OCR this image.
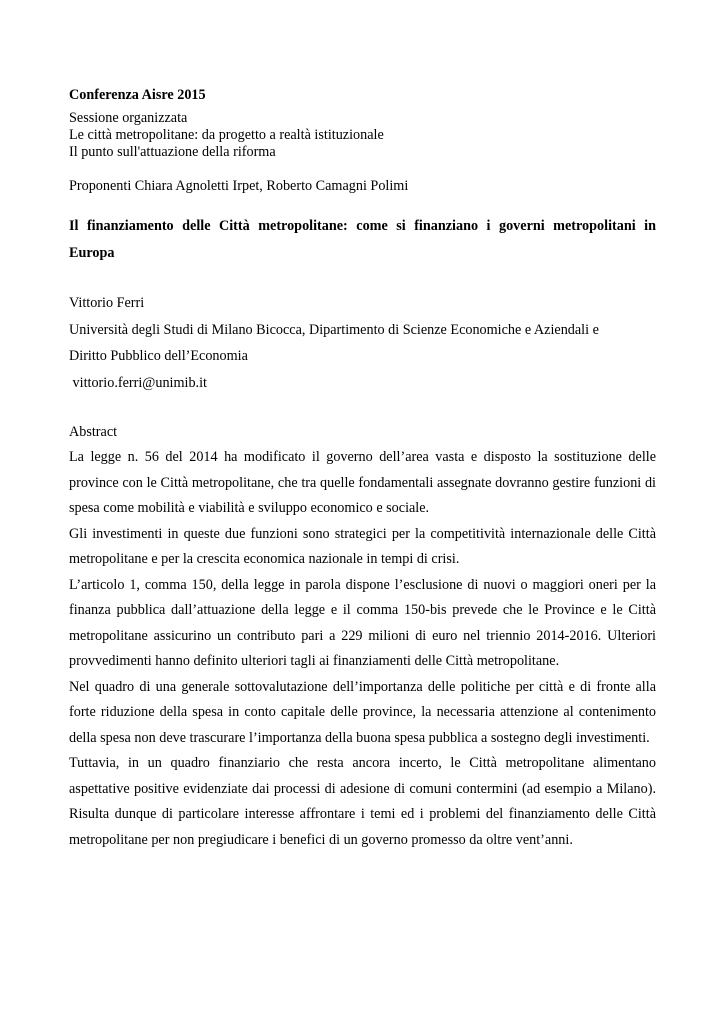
Conferenza Aisre 2015
Sessione organizzata
Le città metropolitane: da progetto a realtà istituzionale
Il punto sull'attuazione della riforma
Proponenti Chiara Agnoletti Irpet, Roberto Camagni Polimi
Il finanziamento delle Città metropolitane: come si finanziano i governi metropolitani in Europa
Vittorio Ferri
Università degli Studi di Milano Bicocca, Dipartimento di Scienze Economiche e Aziendali e
Diritto Pubblico dell’Economia
vittorio.ferri@unimib.it
Abstract

La legge n. 56 del 2014 ha modificato il governo dell’area vasta e disposto la sostituzione delle province con le Città metropolitane, che tra quelle fondamentali assegnate dovranno gestire funzioni di spesa come mobilità e viabilità e sviluppo economico e sociale.

Gli investimenti in queste due funzioni sono strategici per la competitività internazionale delle Città metropolitane e per la crescita economica nazionale in tempi di crisi.

L’articolo 1, comma 150, della legge in parola dispone l’esclusione di nuovi o maggiori oneri per la finanza pubblica dall’attuazione della legge e il comma 150-bis prevede che le Province e le Città metropolitane assicurino un contributo pari a 229 milioni di euro nel triennio 2014-2016. Ulteriori provvedimenti hanno definito ulteriori tagli ai finanziamenti delle Città metropolitane.

Nel quadro di una generale sottovalutazione dell’importanza delle politiche per città e di fronte alla forte riduzione della spesa in conto capitale delle province, la necessaria attenzione al contenimento della spesa non deve trascurare l’importanza della buona spesa pubblica a sostegno degli investimenti.

Tuttavia, in un quadro finanziario che resta ancora incerto, le Città metropolitane alimentano aspettative positive evidenziate dai processi di adesione di comuni contermini (ad esempio a Milano). Risulta dunque di particolare interesse affrontare i temi ed i problemi del finanziamento delle Città metropolitane per non pregiudicare i benefici di un governo promesso da oltre vent’anni.
